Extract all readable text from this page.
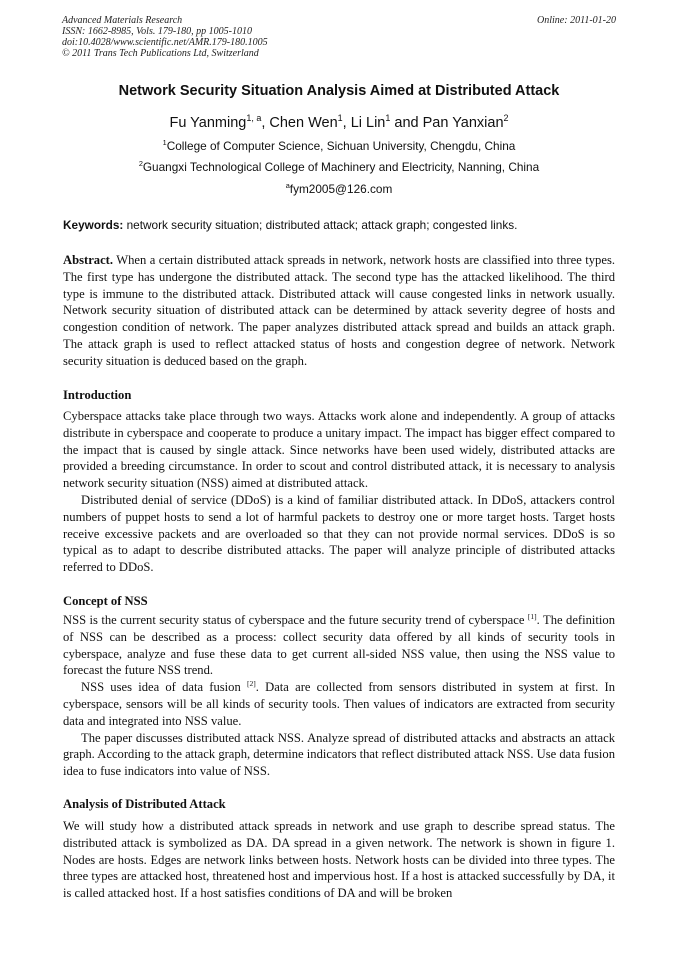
Advanced Materials Research
ISSN: 1662-8985, Vols. 179-180, pp 1005-1010
doi:10.4028/www.scientific.net/AMR.179-180.1005
© 2011 Trans Tech Publications Ltd, Switzerland
Online: 2011-01-20
Network Security Situation Analysis Aimed at Distributed Attack
Fu Yanming$^{1, a}$, Chen Wen$^1$, Li Lin$^1$ and Pan Yanxian$^2$
$^1$College of Computer Science, Sichuan University, Chengdu, China
$^2$Guangxi Technological College of Machinery and Electricity, Nanning, China
$^a$fym2005@126.com
Keywords: network security situation; distributed attack; attack graph; congested links.

Abstract. When a certain distributed attack spreads in network, network hosts are classified into three types. The first type has undergone the distributed attack. The second type has the attacked likelihood. The third type is immune to the distributed attack. Distributed attack will cause congested links in network usually. Network security situation of distributed attack can be determined by attack severity degree of hosts and congestion condition of network. The paper analyzes distributed attack spread and builds an attack graph. The attack graph is used to reflect attacked status of hosts and congestion degree of network. Network security situation is deduced based on the graph.

Introduction

Cyberspace attacks take place through two ways. Attacks work alone and independently. A group of attacks distribute in cyberspace and cooperate to produce a unitary impact. The impact has bigger effect compared to the impact that is caused by single attack. Since networks have been used widely, distributed attacks are provided a breeding circumstance. In order to scout and control distributed attack, it is necessary to analysis network security situation (NSS) aimed at distributed attack.

Distributed denial of service (DDoS) is a kind of familiar distributed attack. In DDoS, attackers control numbers of puppet hosts to send a lot of harmful packets to destroy one or more target hosts. Target hosts receive excessive packets and are overloaded so that they can not provide normal services. DDoS is so typical as to adapt to describe distributed attacks. The paper will analyze principle of distributed attacks referred to DDoS.

Concept of NSS

NSS is the current security status of cyberspace and the future security trend of cyberspace [1]. The definition of NSS can be described as a process: collect security data offered by all kinds of security tools in cyberspace, analyze and fuse these data to get current all-sided NSS value, then using the NSS value to forecast the future NSS trend.

NSS uses idea of data fusion [2]. Data are collected from sensors distributed in system at first. In cyberspace, sensors will be all kinds of security tools. Then values of indicators are extracted from security data and integrated into NSS value.

The paper discusses distributed attack NSS. Analyze spread of distributed attacks and abstracts an attack graph. According to the attack graph, determine indicators that reflect distributed attack NSS. Use data fusion idea to fuse indicators into value of NSS.

Analysis of Distributed Attack

We will study how a distributed attack spreads in network and use graph to describe spread status. The distributed attack is symbolized as DA. DA spread in a given network. The network is shown in figure 1. Nodes are hosts. Edges are network links between hosts. Network hosts can be divided into three types. The three types are attacked host, threatened host and impervious host. If a host is attacked successfully by DA, it is called attacked host. If a host satisfies conditions of DA and will be broken
